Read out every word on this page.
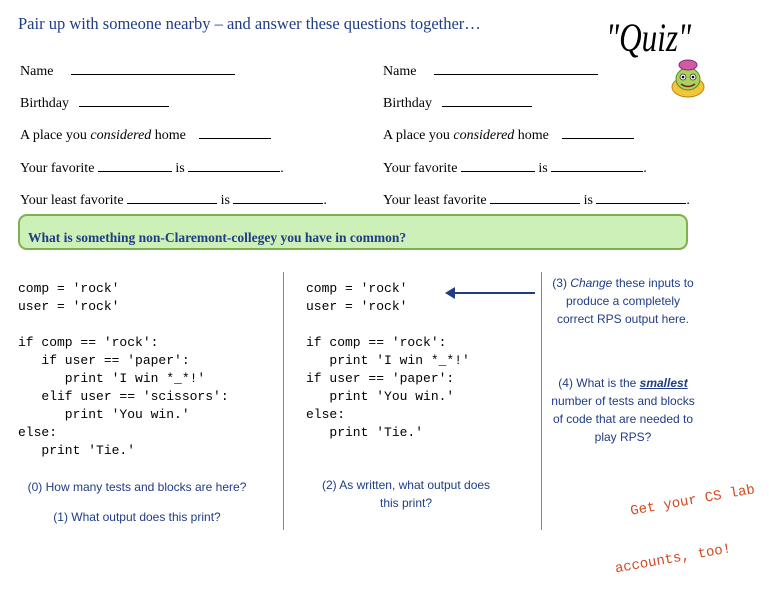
Pair up with someone nearby – and answer these questions together…	"Quiz"
Name
Birthday
A place you considered home
Your favorite	is	.
Your least favorite	is	.
Name
Birthday
A place you considered home
Your favorite	is	.
Your least favorite	is	.
What is something non-Claremont-collegey you have in common?
comp = 'rock'
user = 'rock'

if comp == 'rock':
if user == 'paper':
print 'I win *_*!'
elif user == 'scissors':
print 'You win.'
else:
print 'Tie.'
comp = 'rock'
user = 'rock'

if comp == 'rock':
print 'I win *_*!'
if user == 'paper':
print 'You win.'
else:
print 'Tie.'
(0) How many tests and blocks are here?
(1) What output does this print?
(2) As written, what output does this print?
(3) Change these inputs to produce a completely correct RPS output here.
(4) What is the smallest number of tests and blocks of code that are needed to play RPS?

Get your CS lab

accounts, too!
